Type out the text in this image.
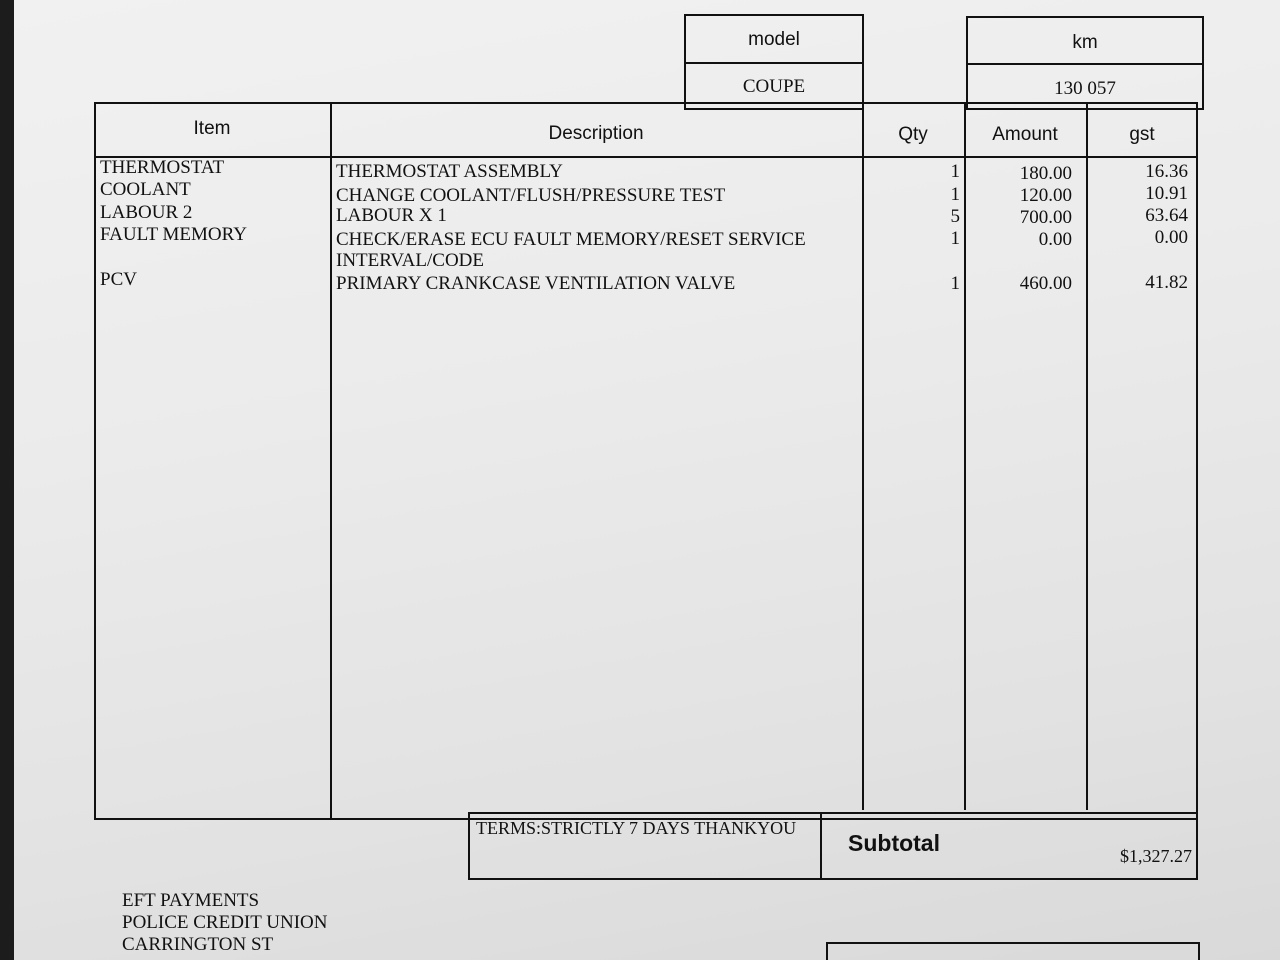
model
COUPE
km
130 057
Item	Description	Qty	Amount	gst
THERMOSTAT	THERMOSTAT ASSEMBLY	1	180.00	16.36
COOLANT	CHANGE COOLANT/FLUSH/PRESSURE TEST	1	120.00	10.91
LABOUR 2	LABOUR X 1	5	700.00	63.64
FAULT MEMORY	CHECK/ERASE ECU FAULT MEMORY/RESET SERVICE	1	0.00	0.00
INTERVAL/CODE
PCV	PRIMARY CRANKCASE VENTILATION VALVE	1	460.00	41.82
TERMS:STRICTLY 7 DAYS THANKYOU
Subtotal	$1,327.27
EFT PAYMENTS
POLICE CREDIT UNION
CARRINGTON ST
